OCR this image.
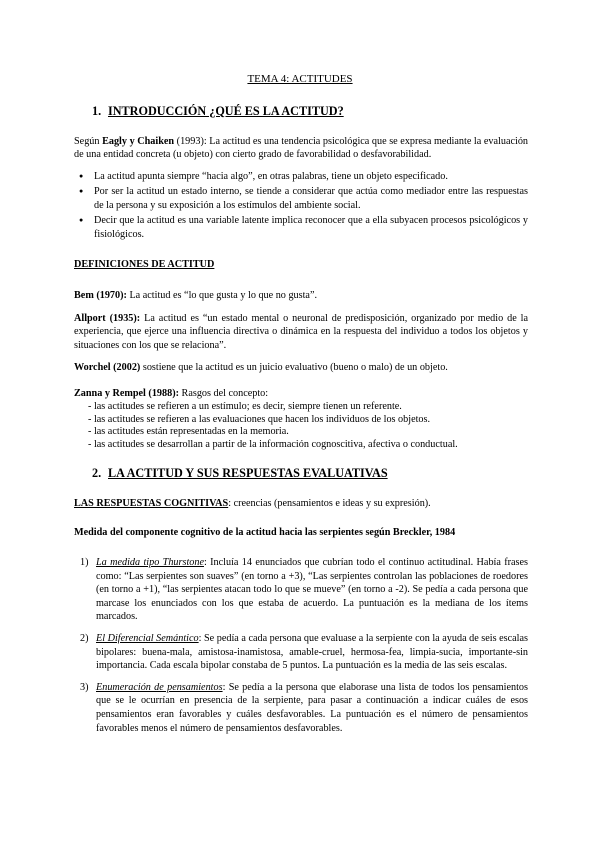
TEMA 4: ACTITUDES

1. INTRODUCCIÓN ¿QUÉ ES LA ACTITUD?

Según Eagly y Chaiken (1993): La actitud es una tendencia psicológica que se expresa mediante la evaluación de una entidad concreta (u objeto) con cierto grado de favorabilidad o desfavorabilidad.

● La actitud apunta siempre “hacia algo”, en otras palabras, tiene un objeto especificado.
● Por ser la actitud un estado interno, se tiende a considerar que actúa como mediador entre las respuestas de la persona y su exposición a los estímulos del ambiente social.
● Decir que la actitud es una variable latente implica reconocer que a ella subyacen procesos psicológicos y fisiológicos.

DEFINICIONES DE ACTITUD

Bem (1970): La actitud es “lo que gusta y lo que no gusta”.

Allport (1935): La actitud es “un estado mental o neuronal de predisposición, organizado por medio de la experiencia, que ejerce una influencia directiva o dinámica en la respuesta del individuo a todos los objetos y situaciones con los que se relaciona”.

Worchel (2002) sostiene que la actitud es un juicio evaluativo (bueno o malo) de un objeto.

Zanna y Rempel (1988): Rasgos del concepto:

- las actitudes se refieren a un estímulo; es decir, siempre tienen un referente.
- las actitudes se refieren a las evaluaciones que hacen los individuos de los objetos.
- las actitudes están representadas en la memoria.
- las actitudes se desarrollan a partir de la información cognoscitiva, afectiva o conductual.

2. LA ACTITUD Y SUS RESPUESTAS EVALUATIVAS

LAS RESPUESTAS COGNITIVAS: creencias (pensamientos e ideas y su expresión).

Medida del componente cognitivo de la actitud hacia las serpientes según Breckler, 1984

1) La medida tipo Thurstone: Incluía 14 enunciados que cubrían todo el continuo actitudinal. Había frases como: “Las serpientes son suaves” (en torno a +3), “Las serpientes controlan las poblaciones de roedores (en torno a +1), “las serpientes atacan todo lo que se mueve” (en torno a -2). Se pedía a cada persona que marcase los enunciados con los que estaba de acuerdo. La puntuación es la mediana de los ítems marcados.
2) El Diferencial Semántico: Se pedía a cada persona que evaluase a la serpiente con la ayuda de seis escalas bipolares: buena-mala, amistosa-inamistosa, amable-cruel, hermosa-fea, limpia-sucia, importante-sin importancia. Cada escala bipolar constaba de 5 puntos. La puntuación es la media de las seis escalas.
3) Enumeración de pensamientos: Se pedía a la persona que elaborase una lista de todos los pensamientos que se le ocurrían en presencia de la serpiente, para pasar a continuación a indicar cuáles de esos pensamientos eran favorables y cuáles desfavorables. La puntuación es el número de pensamientos favorables menos el número de pensamientos desfavorables.
